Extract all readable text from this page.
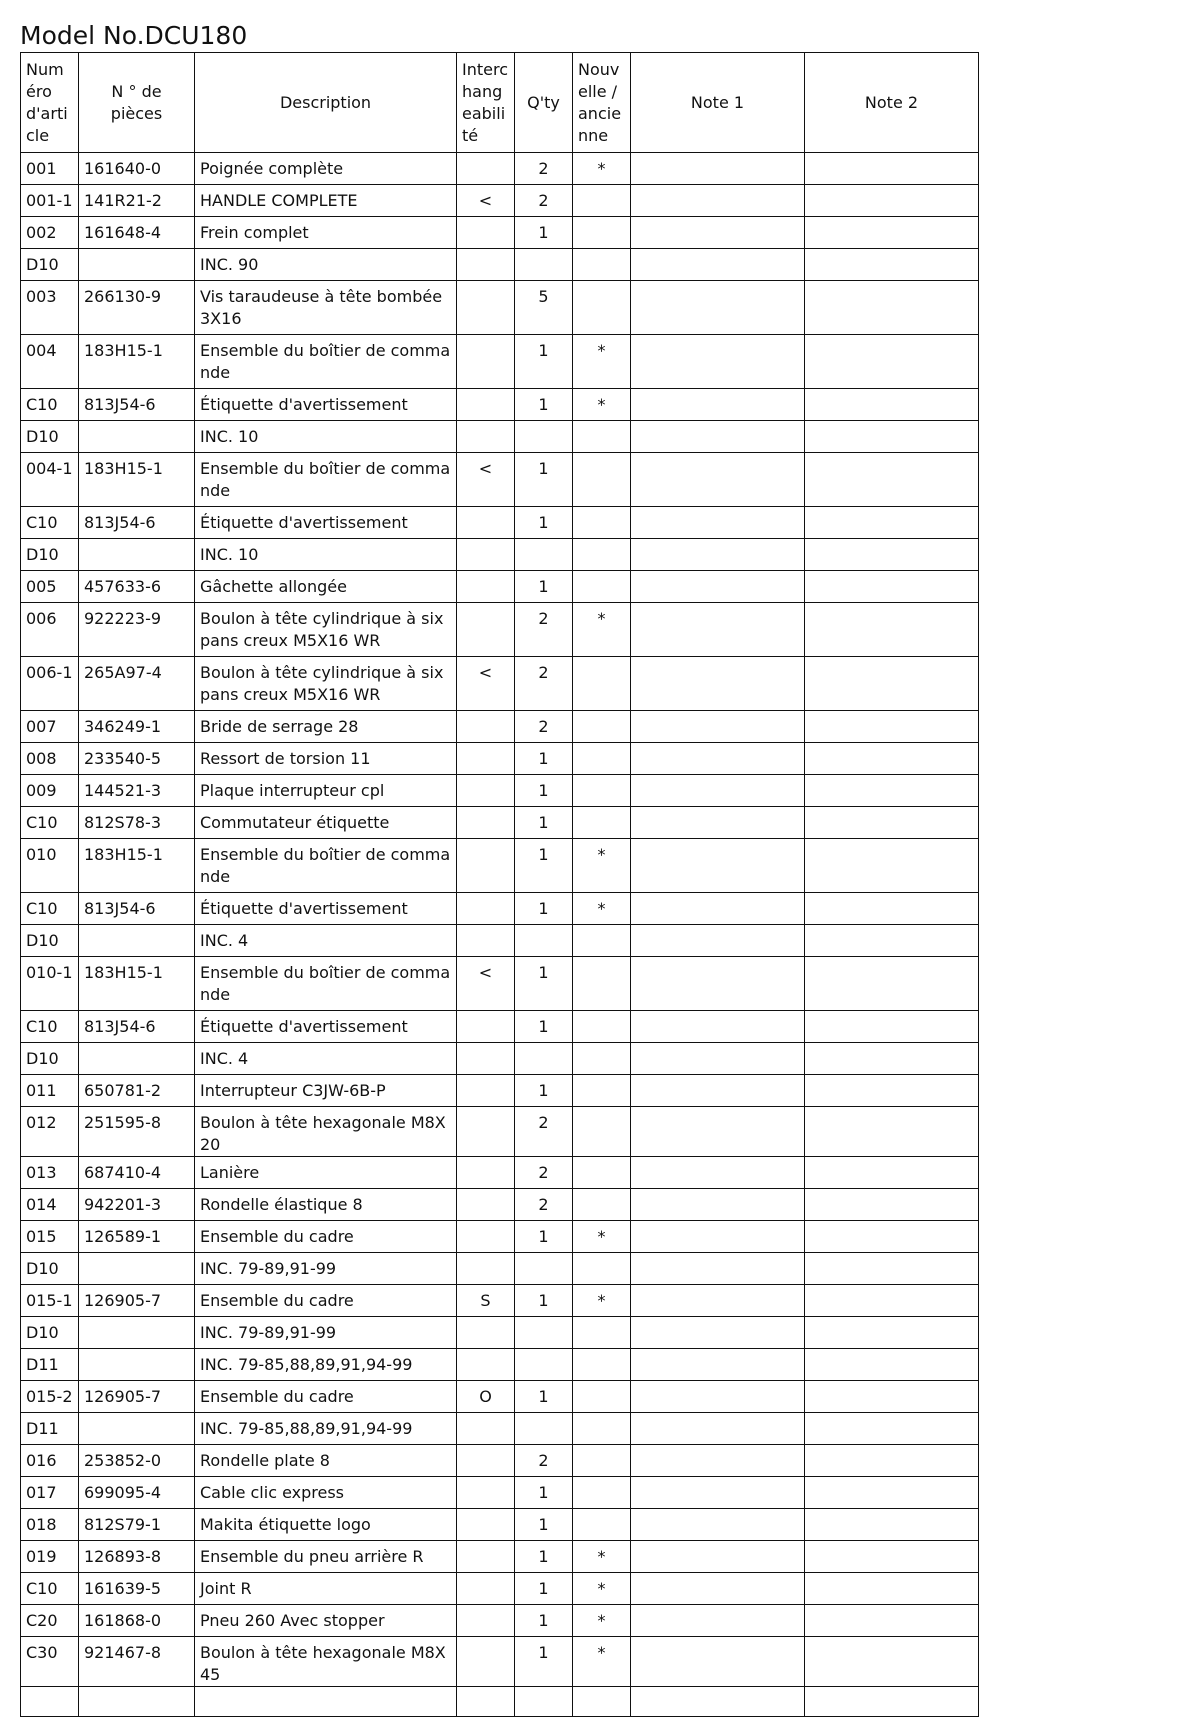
Model No.DCU180
Numéro d'article	N ° de pièces	Description	Interchangeabilité	Q'ty	Nouvelle / ancienne	Note 1	Note 2
001	161640-0	Poignée complète		2	*		
001-1	141R21-2	HANDLE COMPLETE	<	2			
002	161648-4	Frein complet		1			
D10		INC. 90					
003	266130-9	Vis taraudeuse à tête bombée 3X16		5			
004	183H15-1	Ensemble du boîtier de commande		1	*		
C10	813J54-6	Étiquette d'avertissement		1	*		
D10		INC. 10					
004-1	183H15-1	Ensemble du boîtier de commande	<	1			
C10	813J54-6	Étiquette d'avertissement		1			
D10		INC. 10					
005	457633-6	Gâchette allongée		1			
006	922223-9	Boulon à tête cylindrique à six pans creux M5X16 WR		2	*		
006-1	265A97-4	Boulon à tête cylindrique à six pans creux M5X16 WR	<	2			
007	346249-1	Bride de serrage 28		2			
008	233540-5	Ressort de torsion 11		1			
009	144521-3	Plaque interrupteur cpl		1			
C10	812S78-3	Commutateur étiquette		1			
010	183H15-1	Ensemble du boîtier de commande		1	*		
C10	813J54-6	Étiquette d'avertissement		1	*		
D10		INC. 4					
010-1	183H15-1	Ensemble du boîtier de commande	<	1			
C10	813J54-6	Étiquette d'avertissement		1			
D10		INC. 4					
011	650781-2	Interrupteur C3JW-6B-P		1			
012	251595-8	Boulon à tête hexagonale M8X20		2			
013	687410-4	Lanière		2			
014	942201-3	Rondelle élastique 8		2			
015	126589-1	Ensemble du cadre		1	*		
D10		INC. 79-89,91-99					
015-1	126905-7	Ensemble du cadre	S	1	*		
D10		INC. 79-89,91-99					
D11		INC. 79-85,88,89,91,94-99					
015-2	126905-7	Ensemble du cadre	O	1			
D11		INC. 79-85,88,89,91,94-99					
016	253852-0	Rondelle plate 8		2			
017	699095-4	Cable clic express		1			
018	812S79-1	Makita étiquette logo		1			
019	126893-8	Ensemble du pneu arrière R		1	*		
C10	161639-5	Joint R		1	*		
C20	161868-0	Pneu 260 Avec stopper		1	*		
C30	921467-8	Boulon à tête hexagonale M8X45		1	*		
